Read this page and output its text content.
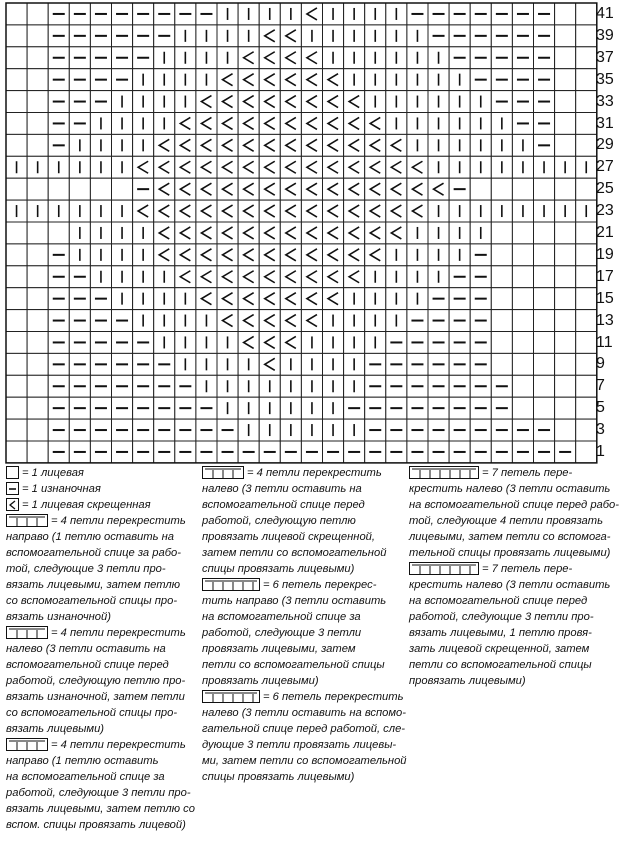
41
39
37
35
33
31
29
27
25
23
21
19
17
15
13
11
9
7
5
3
1
= 1 лицевая
= 1 изнаночная
= 1 лицевая скрещенная
= 4 петли перекрестить
направо (1 петлю оставить на
вспомогательной спице за рабо-
той, следующие 3 петли про-
вязать лицевыми, затем петлю
со вспомогательной спицы про-
вязать изнаночной)
= 4 петли перекрестить
налево (3 петли оставить на
вспомогательной спице перед
работой, следующую петлю про-
вязать изнаночной, затем петли
со вспомогательной спицы про-
вязать лицевыми)
= 4 петли перекрестить
направо (1 петлю оставить
на вспомогательной спице за
работой, следующие 3 петли про-
вязать лицевыми, затем петлю со
вспом. спицы провязать лицевой)
= 4 петли перекрестить
налево (3 петли оставить на
вспомогательной спице перед
работой, следующую петлю
провязать лицевой скрещенной,
затем петли со вспомогательной
спицы провязать лицевыми)
= 6 петель перекрес-
тить направо (3 петли оставить
на вспомогательной спице за
работой, следующие 3 петли
провязать лицевыми, затем
петли со вспомогательной спицы
провязать лицевыми)
= 6 петель перекрестить
налево (3 петли оставить на вспомо-
гательной спице перед работой, сле-
дующие 3 петли провязать лицевы-
ми, затем петли со вспомогательной
спицы провязать лицевыми)
= 7 петель пере-
крестить налево (3 петли оставить
на вспомогательной спице перед рабо-
той, следующие 4 петли провязать
лицевыми, затем петли со вспомога-
тельной спицы провязать лицевыми)
= 7 петель пере-
крестить налево (3 петли оставить
на вспомогательной спице перед
работой, следующие 3 петли про-
вязать лицевыми, 1 петлю провя-
зать лицевой скрещенной, затем
петли со вспомогательной спицы
провязать лицевыми)
